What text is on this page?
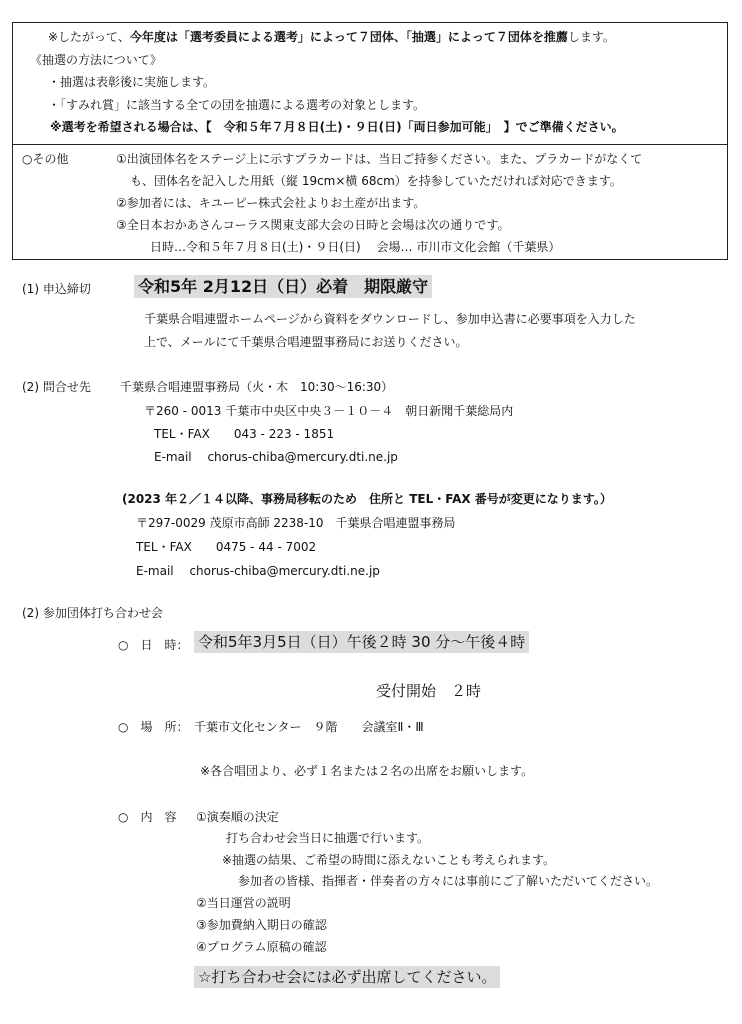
※したがって、今年度は「選考委員による選考」によって７団体、「抽選」によって７団体を推薦します。
《抽選の方法について》
・抽選は表彰後に実施します。
・「すみれ賞」に該当する全ての団を抽選による選考の対象とします。
※選考を希望される場合は、【　令和５年７月８日(土)・９日(日)「両日参加可能」　】でご準備ください。
○その他	①出演団体名をステージ上に示すプラカードは、当日ご持参ください。また、プラカードがなくて
も、団体名を記入した用紙（縦 19cm×横 68cm）を持参していただければ対応できます。
②参加者には、キユーピー株式会社よりお土産が出ます。
③全日本おかあさんコーラス関東支部大会の日時と会場は次の通りです。
日時…令和５年７月８日(土)・９日(日)　 会場… 市川市文化会館（千葉県）
(1) 申込締切	令和5年 2月12日（日）必着　期限厳守
千葉県合唱連盟ホームページから資料をダウンロードし、参加申込書に必要事項を入力した
上で、メールにて千葉県合唱連盟事務局にお送りください。
(2) 問合せ先 千葉県合唱連盟事務局（火・木　10:30〜16:30）
〒260 - 0013 千葉市中央区中央３－１０－４　朝日新聞千葉総局内
TEL・FAX　　043 - 223 - 1851
E-mail　 chorus-chiba@mercury.dti.ne.jp
(2023 年２／１４以降、事務局移転のため　住所と TEL・FAX 番号が変更になります。）
〒297-0029 茂原市高師 2238-10　千葉県合唱連盟事務局
TEL・FAX　　0475 - 44 - 7002
E-mail　 chorus-chiba@mercury.dti.ne.jp
(2) 参加団体打ち合わせ会
○　日　時： 令和5年3月5日（日）午後２時 30 分〜午後４時
受付開始　２時
○　場　所： 千葉市文化センター　９階　　会議室Ⅱ・Ⅲ
※各合唱団より、必ず１名または２名の出席をお願いします。
○　内　容 ①演奏順の決定
打ち合わせ会当日に抽選で行います。
※抽選の結果、ご希望の時間に添えないことも考えられます。
参加者の皆様、指揮者・伴奏者の方々には事前にご了解いただいてください。
②当日運営の説明
③参加費納入期日の確認
④プログラム原稿の確認
☆打ち合わせ会には必ず出席してください。
